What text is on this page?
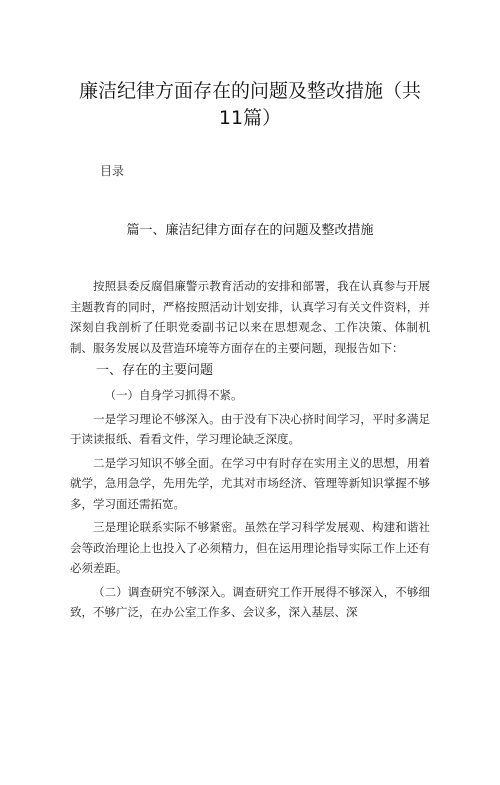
廉洁纪律方面存在的问题及整改措施（共11篇）
目录
篇一、廉洁纪律方面存在的问题及整改措施

按照县委反腐倡廉警示教育活动的安排和部署，我在认真参与开展主题教育的同时，严格按照活动计划安排，认真学习有关文件资料，并深刻自我剖析了任职党委副书记以来在思想观念、工作决策、体制机制、服务发展以及营造环境等方面存在的主要问题，现报告如下：

一、存在的主要问题

（一）自身学习抓得不紧。

一是学习理论不够深入。由于没有下决心挤时间学习，平时多满足于读读报纸、看看文件，学习理论缺乏深度。

二是学习知识不够全面。在学习中有时存在实用主义的思想，用着就学，急用急学，先用先学，尤其对市场经济、管理等新知识掌握不够多，学习面还需拓宽。

三是理论联系实际不够紧密。虽然在学习科学发展观、构建和谐社会等政治理论上也投入了必须精力，但在运用理论指导实际工作上还有必须差距。

（二）调查研究不够深入。调查研究工作开展得不够深入，不够细致，不够广泛，在办公室工作多、会议多，深入基层、深
